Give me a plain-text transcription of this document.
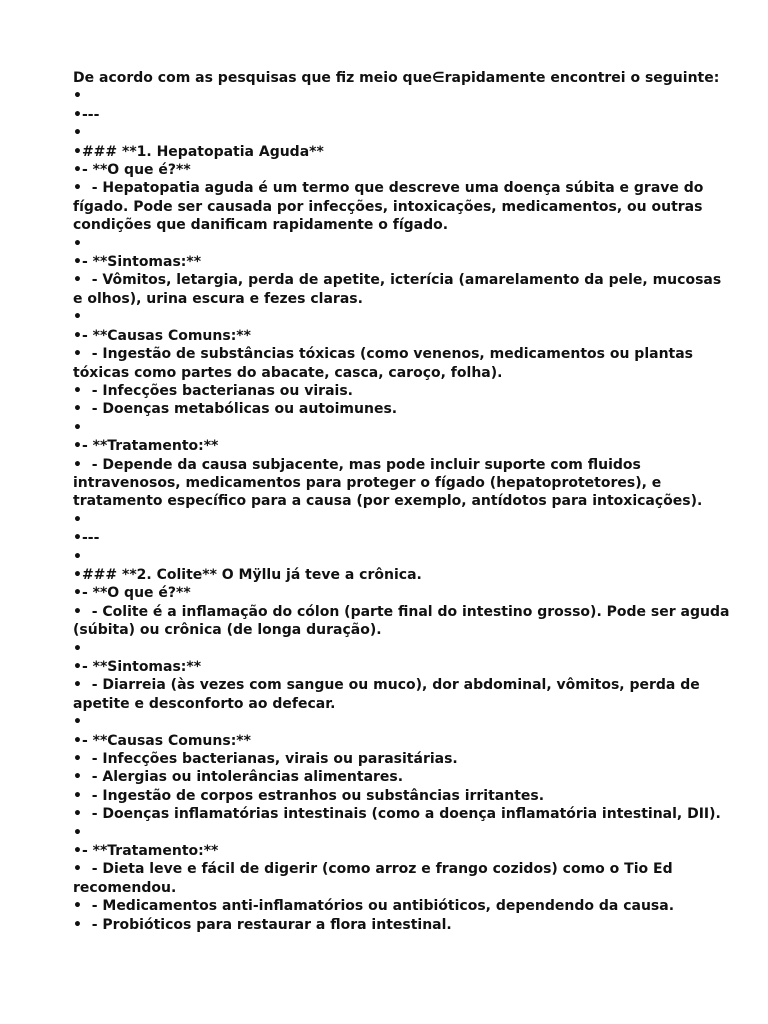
De acordo com as pesquisas que fiz meio que∈rapidamente encontrei o seguinte:

•

•---

•

•### **1. Hepatopatia Aguda**

•- **O que é?**

•  - Hepatopatia aguda é um termo que descreve uma doença súbita e grave do fígado. Pode ser causada por infecções, intoxicações, medicamentos, ou outras condições que danificam rapidamente o fígado.

•

•- **Sintomas:**

•  - Vômitos, letargia, perda de apetite, icterícia (amarelamento da pele, mucosas e olhos), urina escura e fezes claras.

•

•- **Causas Comuns:**

•  - Ingestão de substâncias tóxicas (como venenos, medicamentos ou plantas tóxicas como partes do abacate, casca, caroço, folha).

•  - Infecções bacterianas ou virais.

•  - Doenças metabólicas ou autoimunes.

•

•- **Tratamento:**

•  - Depende da causa subjacente, mas pode incluir suporte com fluidos intravenosos, medicamentos para proteger o fígado (hepatoprotetores), e tratamento específico para a causa (por exemplo, antídotos para intoxicações).

•

•---

•

•### **2. Colite** O Mÿllu já teve a crônica.

•- **O que é?**

•  - Colite é a inflamação do cólon (parte final do intestino grosso). Pode ser aguda (súbita) ou crônica (de longa duração).

•

•- **Sintomas:**

•  - Diarreia (às vezes com sangue ou muco), dor abdominal, vômitos, perda de apetite e desconforto ao defecar.

•

•- **Causas Comuns:**

•  - Infecções bacterianas, virais ou parasitárias.

•  - Alergias ou intolerâncias alimentares.

•  - Ingestão de corpos estranhos ou substâncias irritantes.

•  - Doenças inflamatórias intestinais (como a doença inflamatória intestinal, DII).

•

•- **Tratamento:**

•  - Dieta leve e fácil de digerir (como arroz e frango cozidos) como o Tio Ed recomendou.

•  - Medicamentos anti-inflamatórios ou antibióticos, dependendo da causa.

•  - Probióticos para restaurar a flora intestinal.
